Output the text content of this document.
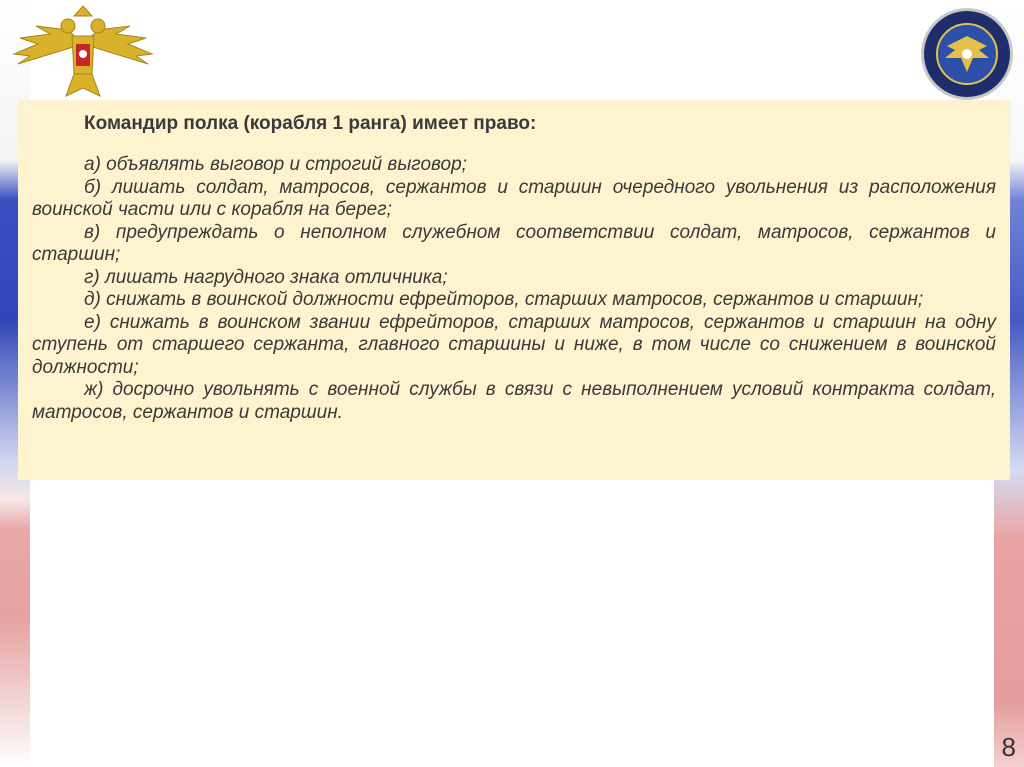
Командир полка (корабля 1 ранга) имеет право:
а) объявлять выговор и строгий выговор;
б) лишать солдат, матросов, сержантов и старшин очередного увольнения из расположения воинской части или с корабля на берег;
в) предупреждать о неполном служебном соответствии солдат, матросов, сержантов и старшин;
г) лишать нагрудного знака отличника;
д) снижать в воинской должности ефрейторов, старших матросов, сержантов и старшин;
е) снижать в воинском звании ефрейторов, старших матросов, сержантов и старшин на одну ступень от старшего сержанта, главного старшины и ниже, в том числе со снижением в воинской должности;
ж) досрочно увольнять с военной службы в связи с невыполнением условий контракта солдат, матросов, сержантов и старшин.
8
